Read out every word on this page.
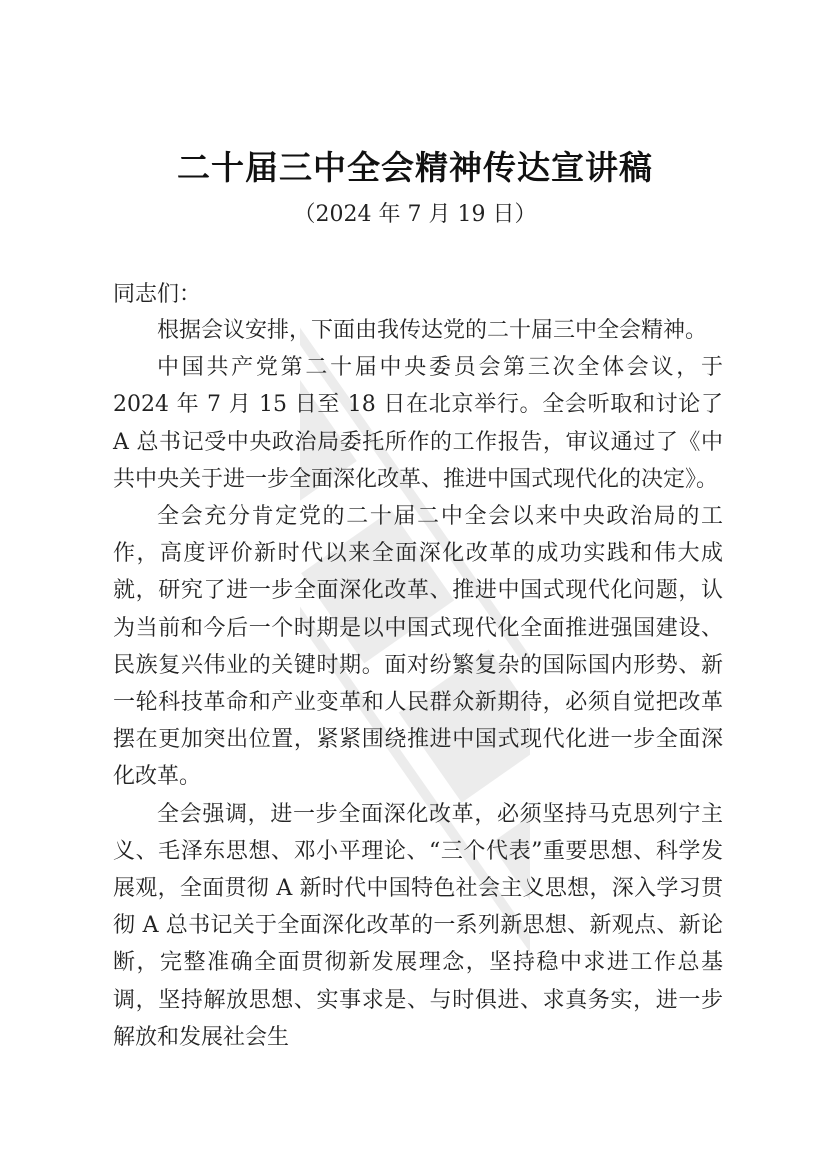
二十届三中全会精神传达宣讲稿
（2024 年 7 月 19 日）
同志们：

根据会议安排，下面由我传达党的二十届三中全会精神。

中国共产党第二十届中央委员会第三次全体会议，于 2024 年 7 月 15 日至 18 日在北京举行。全会听取和讨论了 A 总书记受中央政治局委托所作的工作报告，审议通过了《中共中央关于进一步全面深化改革、推进中国式现代化的决定》。

全会充分肯定党的二十届二中全会以来中央政治局的工作，高度评价新时代以来全面深化改革的成功实践和伟大成就，研究了进一步全面深化改革、推进中国式现代化问题，认为当前和今后一个时期是以中国式现代化全面推进强国建设、民族复兴伟业的关键时期。面对纷繁复杂的国际国内形势、新一轮科技革命和产业变革和人民群众新期待，必须自觉把改革摆在更加突出位置，紧紧围绕推进中国式现代化进一步全面深化改革。

全会强调，进一步全面深化改革，必须坚持马克思列宁主义、毛泽东思想、邓小平理论、“三个代表”重要思想、科学发展观，全面贯彻 A 新时代中国特色社会主义思想，深入学习贯彻 A 总书记关于全面深化改革的一系列新思想、新观点、新论断，完整准确全面贯彻新发展理念，坚持稳中求进工作总基调，坚持解放思想、实事求是、与时俱进、求真务实，进一步解放和发展社会生
